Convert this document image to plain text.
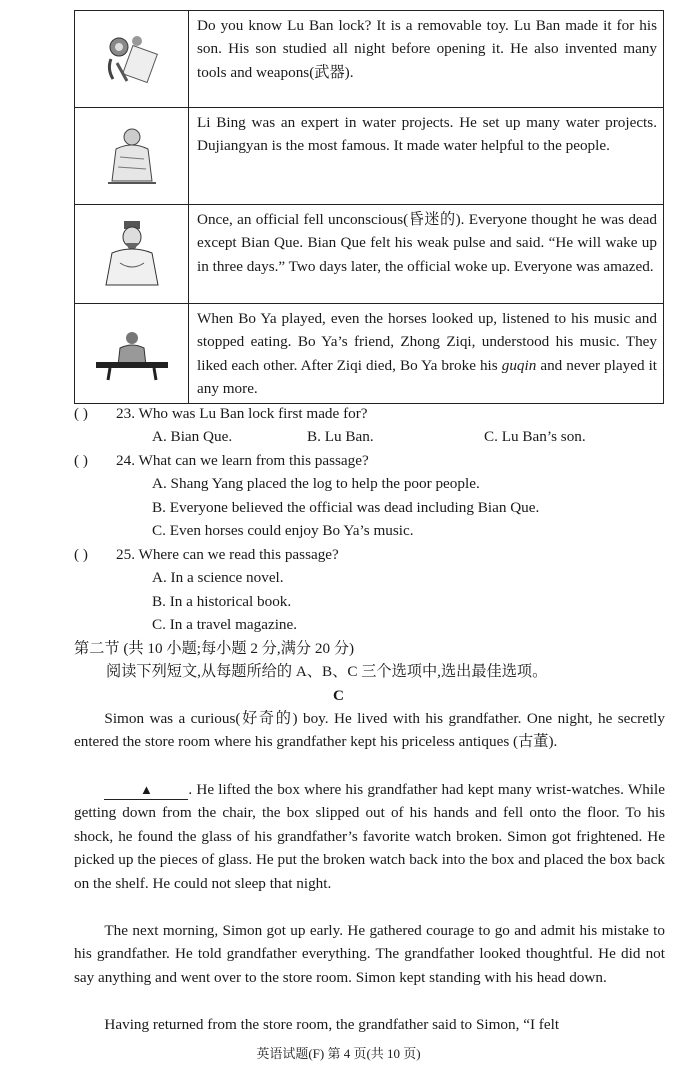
	Do you know Lu Ban lock? It is a removable toy. Lu Ban made it for his son. His son studied all night before opening it. He also invented many tools and weapons(武器).

	Li Bing was an expert in water projects. He set up many water projects. Dujiangyan is the most famous. It made water helpful to the people.

	Once, an official fell unconscious(昏迷的). Everyone thought he was dead except Bian Que. Bian Que felt his weak pulse and said. “He will wake up in three days.” Two days later, the official woke up. Everyone was amazed.

	When Bo Ya played, even the horses looked up, listened to his music and stopped eating. Bo Ya’s friend, Zhong Ziqi, understood his music. They liked each other. After Ziqi died, Bo Ya broke his guqin and never played it any more.
( ) 23. Who was Lu Ban lock first made for?
A. Bian Que.	B. Lu Ban.	C. Lu Ban’s son.
( ) 24. What can we learn from this passage?
A. Shang Yang placed the log to help the poor people.
B. Everyone believed the official was dead including Bian Que.
C. Even horses could enjoy Bo Ya’s music.
( ) 25. Where can we read this passage?
A. In a science novel.
B. In a historical book.
C. In a travel magazine.
第二节 (共 10 小题;每小题 2 分,满分 20 分)
阅读下列短文,从每题所给的 A、B、C 三个选项中,选出最佳选项。
C
Simon was a curious(好奇的) boy. He lived with his grandfather. One night, he secretly entered the store room where his grandfather kept his priceless antiques (古董).
▲ . He lifted the box where his grandfather had kept many wrist-watches. While getting down from the chair, the box slipped out of his hands and fell onto the floor. To his shock, he found the glass of his grandfather’s favorite watch broken. Simon got frightened. He picked up the pieces of glass. He put the broken watch back into the box and placed the box back on the shelf. He could not sleep that night.
The next morning, Simon got up early. He gathered courage to go and admit his mistake to his grandfather. He told grandfather everything. The grandfather looked thoughtful. He did not say anything and went over to the store room. Simon kept standing with his head down.
Having returned from the store room, the grandfather said to Simon, “I felt
英语试题(F) 第 4 页(共 10 页)
